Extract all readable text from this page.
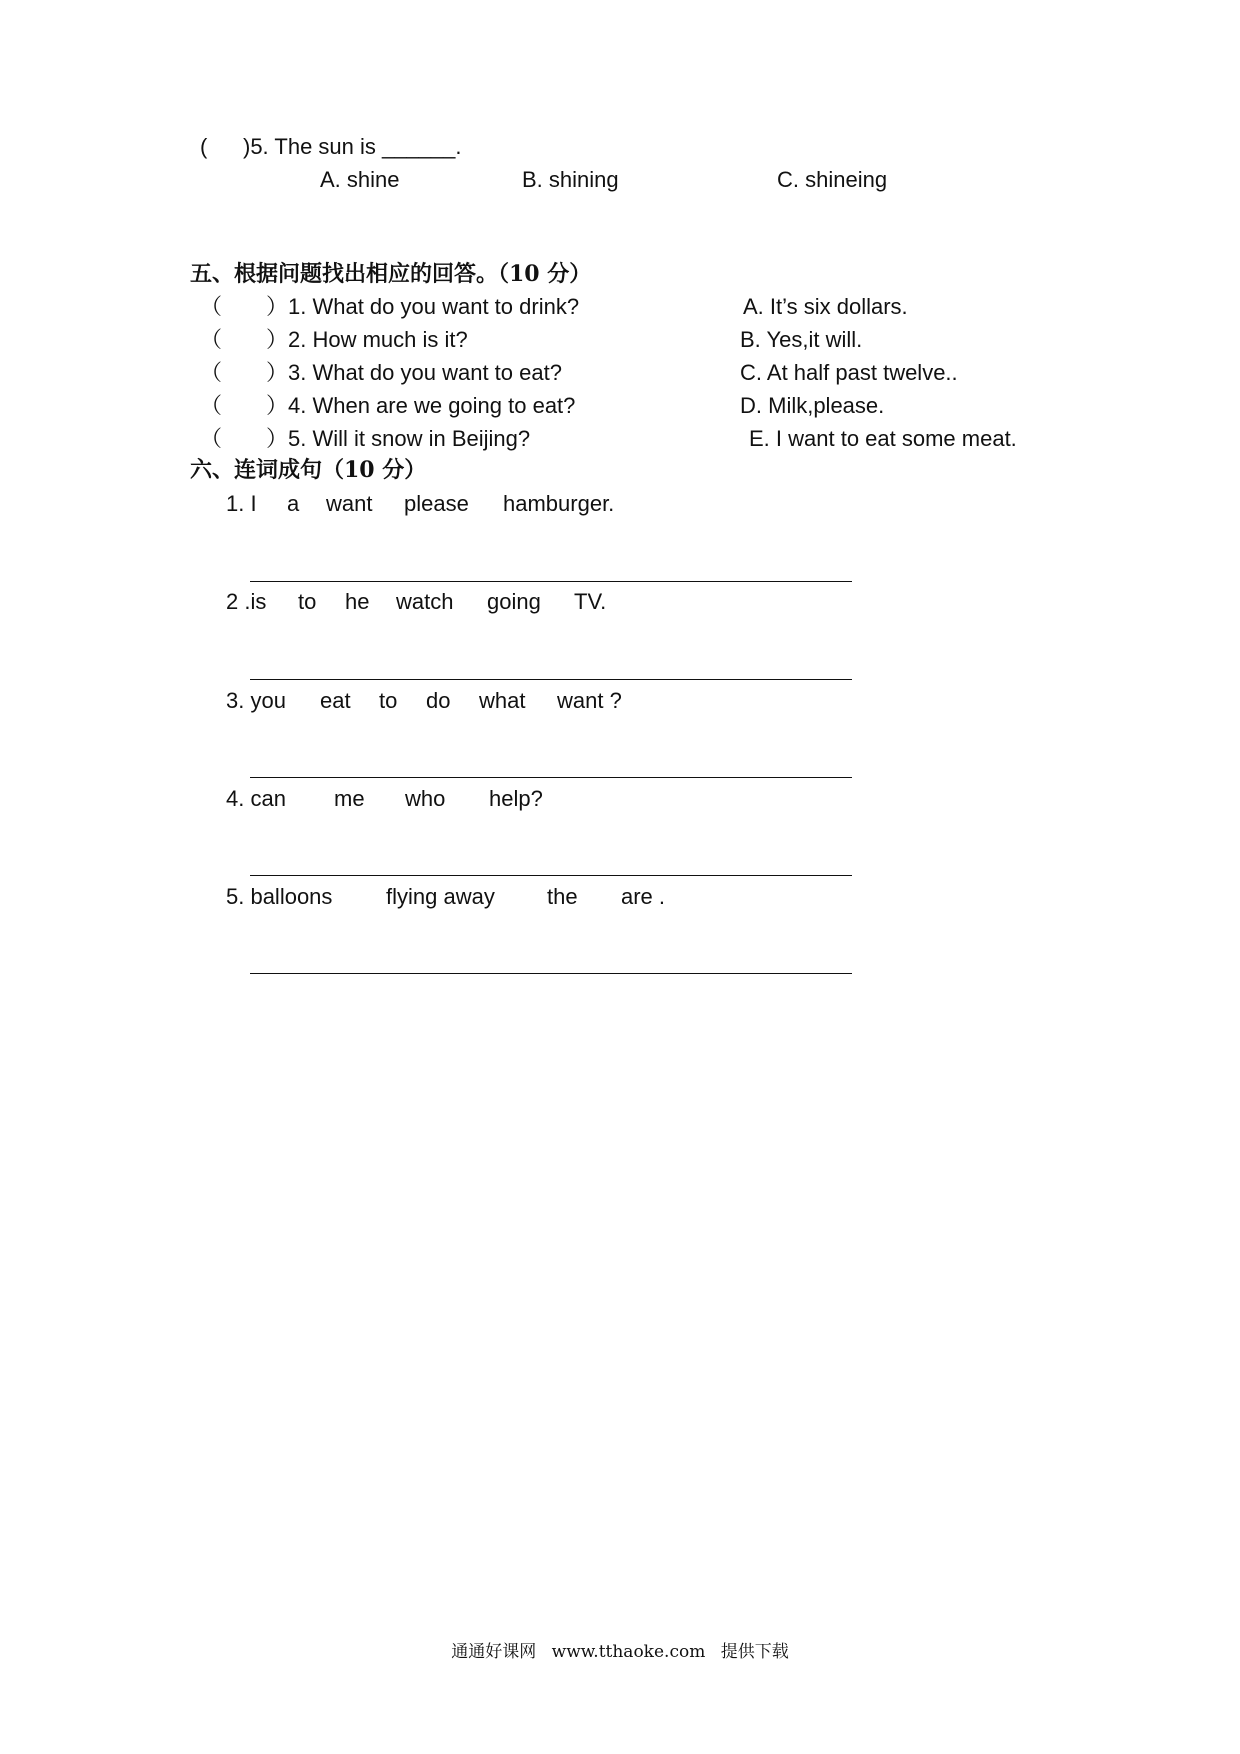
( )5. The sun is ______.
A. shine	B. shining	C. shineing
五、根据问题找出相应的回答。（10 分）
（ ）1. What do you want to drink?
（ ）2. How much is it?
（ ）3. What do you want to eat?
（ ）4. When are we going to eat?
（ ）5. Will it snow in Beijing?
A. It’s six dollars.
B. Yes,it will.
C. At half past twelve..
D. Milk,please.
E. I want to eat some meat.
六、连词成句（10 分）
1. I a want please hamburger.
2 .is to he watch going TV.
3. you eat to do what want ?
4. can me who help?
5. balloons flying away the are .
通通好课网 www.tthaoke.com 提供下载
